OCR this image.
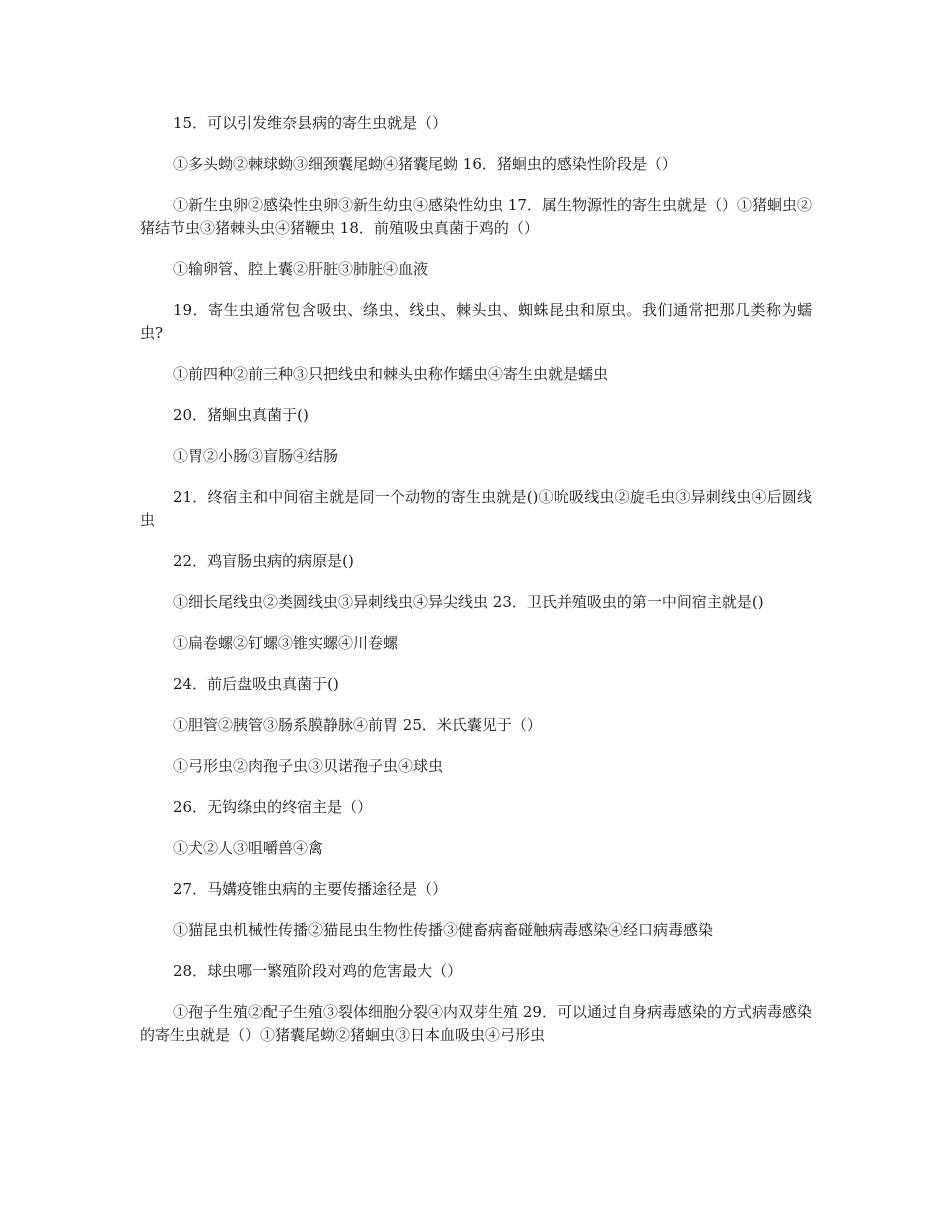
15．可以引发维奈县病的寄生虫就是（）

①多头蚴②棘球蚴③细颈囊尾蚴④猪囊尾蚴 16．猪蛔虫的感染性阶段是（）

①新生虫卵②感染性虫卵③新生幼虫④感染性幼虫 17．属生物源性的寄生虫就是（）①猪蛔虫②猪结节虫③猪棘头虫④猪鞭虫 18．前殖吸虫真菌于鸡的（）

①输卵管、腔上囊②肝脏③肺脏④血液

19．寄生虫通常包含吸虫、绦虫、线虫、棘头虫、蜘蛛昆虫和原虫。我们通常把那几类称为蠕虫?

①前四种②前三种③只把线虫和棘头虫称作蠕虫④寄生虫就是蠕虫

20．猪蛔虫真菌于()

①胃②小肠③盲肠④结肠

21．终宿主和中间宿主就是同一个动物的寄生虫就是()①吮吸线虫②旋毛虫③异刺线虫④后圆线虫

22．鸡盲肠虫病的病原是()

①细长尾线虫②类圆线虫③异刺线虫④异尖线虫 23．卫氏并殖吸虫的第一中间宿主就是()

①扁卷螺②钉螺③锥实螺④川卷螺

24．前后盘吸虫真菌于()

①胆管②胰管③肠系膜静脉④前胃 25．米氏囊见于（）

①弓形虫②肉孢子虫③贝诺孢子虫④球虫

26．无钩绦虫的终宿主是（）

①犬②人③咀嚼兽④禽

27．马媾疫锥虫病的主要传播途径是（）

①猫昆虫机械性传播②猫昆虫生物性传播③健畜病畜碰触病毒感染④经口病毒感染

28．球虫哪一繁殖阶段对鸡的危害最大（）

①孢子生殖②配子生殖③裂体细胞分裂④内双芽生殖 29．可以通过自身病毒感染的方式病毒感染的寄生虫就是（）①猪囊尾蚴②猪蛔虫③日本血吸虫④弓形虫
